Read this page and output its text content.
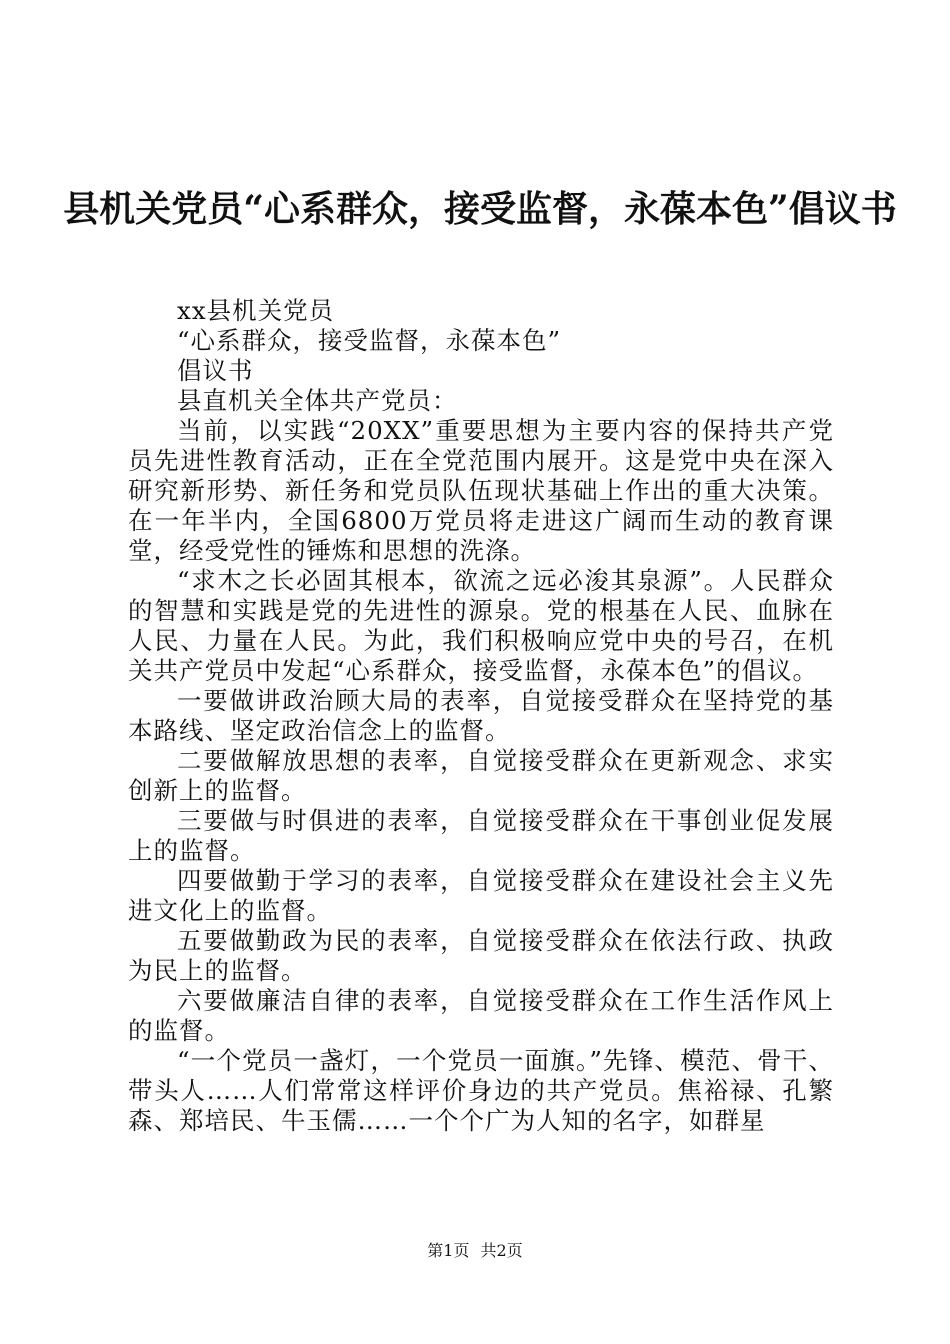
县机关党员“心系群众，接受监督，永葆本色”倡议书

xx县机关党员

“心系群众，接受监督，永葆本色”

倡议书

县直机关全体共产党员：

当前，以实践“20XX”重要思想为主要内容的保持共产党员先进性教育活动，正在全党范围内展开。这是党中央在深入研究新形势、新任务和党员队伍现状基础上作出的重大决策。在一年半内，全国6800万党员将走进这广阔而生动的教育课堂，经受党性的锤炼和思想的洗涤。

“求木之长必固其根本，欲流之远必浚其泉源”。人民群众的智慧和实践是党的先进性的源泉。党的根基在人民、血脉在人民、力量在人民。为此，我们积极响应党中央的号召，在机关共产党员中发起“心系群众，接受监督，永葆本色”的倡议。

一要做讲政治顾大局的表率，自觉接受群众在坚持党的基本路线、坚定政治信念上的监督。

二要做解放思想的表率，自觉接受群众在更新观念、求实创新上的监督。

三要做与时俱进的表率，自觉接受群众在干事创业促发展上的监督。

四要做勤于学习的表率，自觉接受群众在建设社会主义先进文化上的监督。

五要做勤政为民的表率，自觉接受群众在依法行政、执政为民上的监督。

六要做廉洁自律的表率，自觉接受群众在工作生活作风上的监督。

“一个党员一盏灯，一个党员一面旗。”先锋、模范、骨干、带头人……人们常常这样评价身边的共产党员。焦裕禄、孔繁森、郑培民、牛玉儒……一个个广为人知的名字，如群星

第1页 共2页
